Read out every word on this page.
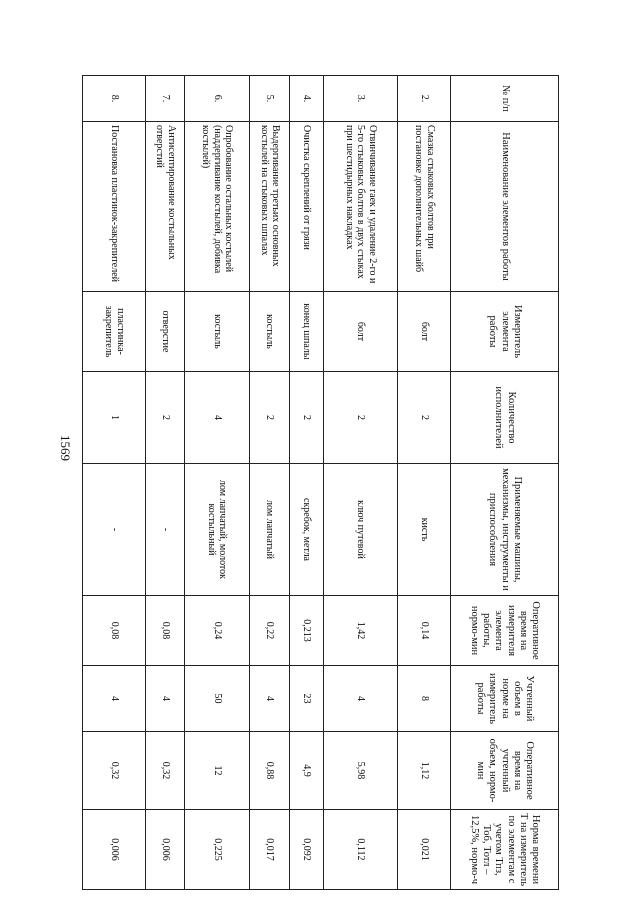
1569
№ п/п	Наименование элементов работы	Измеритель элемента работы	Количество исполнителей	Применяемые машины, механизмы, инструменты и приспособления	Оперативное время на измерителя элемента работы, нормо-мин	Учтенный объем в норме на измеритель работы	Оперативное время на учтенный объем, нормо-мин	Норма времени Т на измеритель по элементам с учетом Тпз, Тоб, Тотл – 12,5%, нормо-ч
2.	Смазка стыковых болтов при постановке дополнительных шайб	болт	2	кисть	0,14	8	1,12	0,021
3.	Отвинчивание гаек и удаление 2-го и 5-го стыковых болтов в двух стыках при шестидырных накладках	болт	2	ключ путевой	1,42	4	5,98	0,112
4.	Очистка скреплений от грязи	конец шпалы	2	скребок, метла	0,213	23	4,9	0,092
5.	Выдергивание третьих основных костылей на стыковых шпалах	костыль	2	лом лапчатый	0,22	4	0,88	0,017
6.	Опробование остальных костылей (наддергивание костылей, добивка костылей)	костыль	4	лом лапчатый, молоток костыльный	0,24	50	12	0,225
7.	Антисептирование костыльных отверстий	отверстие	2	-	0,08	4	0,32	0,006
8.	Постановка пластинок-закрепителей	пластинка-закрепитель	1	-	0,08	4	0,32	0,006
